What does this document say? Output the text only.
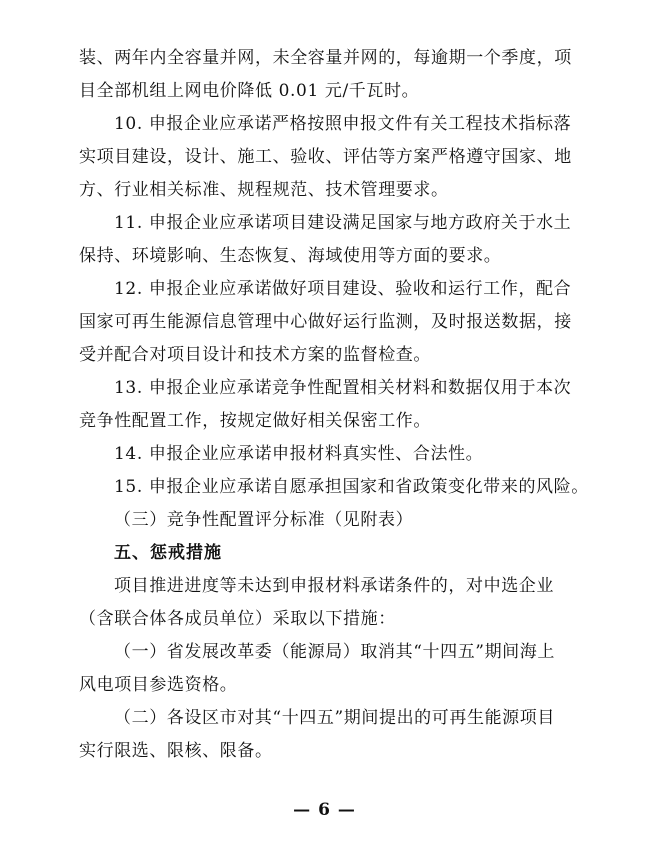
装、两年内全容量并网，未全容量并网的，每逾期一个季度，项
目全部机组上网电价降低 0.01 元/千瓦时。
10. 申报企业应承诺严格按照申报文件有关工程技术指标落
实项目建设，设计、施工、验收、评估等方案严格遵守国家、地
方、行业相关标准、规程规范、技术管理要求。
11. 申报企业应承诺项目建设满足国家与地方政府关于水土
保持、环境影响、生态恢复、海域使用等方面的要求。
12. 申报企业应承诺做好项目建设、验收和运行工作，配合
国家可再生能源信息管理中心做好运行监测，及时报送数据，接
受并配合对项目设计和技术方案的监督检查。
13. 申报企业应承诺竞争性配置相关材料和数据仅用于本次
竞争性配置工作，按规定做好相关保密工作。
14. 申报企业应承诺申报材料真实性、合法性。
15. 申报企业应承诺自愿承担国家和省政策变化带来的风险。
（三）竞争性配置评分标准（见附表）
五、惩戒措施
项目推进进度等未达到申报材料承诺条件的，对中选企业
（含联合体各成员单位）采取以下措施：
（一）省发展改革委（能源局）取消其“十四五”期间海上
风电项目参选资格。
（二）各设区市对其“十四五”期间提出的可再生能源项目
实行限选、限核、限备。
— 6 —
